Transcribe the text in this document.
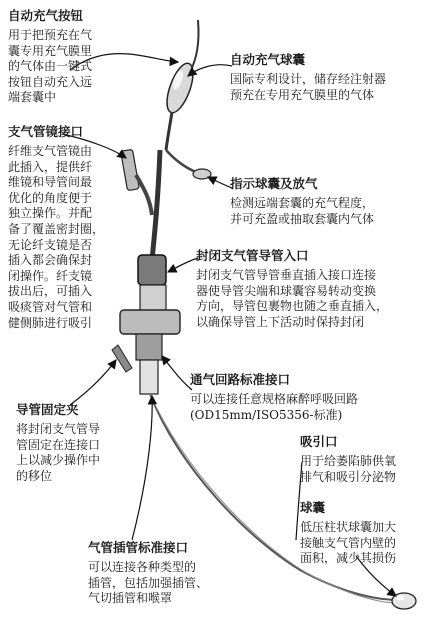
自动充气按钮
用于把预充在气
囊专用充气膜里
的气体由一键式
按钮自动充入远
端套囊中
自动充气球囊
国际专利设计，储存经注射器
预充在专用充气膜里的气体
支气管镜接口
纤维支气管镜由
此插入，提供纤
维镜和导管间最
优化的角度便于
独立操作。并配
备了覆盖密封圈，
无论纤支镜是否
插入都会确保封
闭操作。纤支镜
拔出后，可插入
吸痰管对气管和
健侧肺进行吸引
指示球囊及放气
检测远端套囊的充气程度，
并可充盈或抽取套囊内气体
封闭支气管导管入口
封闭支气管导管垂直插入接口连接
器使导管尖端和球囊容易转动变换
方向，导管包裹物也随之垂直插入，
以确保导管上下活动时保持封闭
通气回路标准接口
可以连接任意规格麻醉呼吸回路
(OD15mm/ISO5356-标准)
导管固定夹
将封闭支气管导
管固定在连接口
上以减少操作中
的移位
吸引口
用于给萎陷肺供氧
排气和吸引分泌物
球囊
低压柱状球囊加大
接触支气管内壁的
面积，减少其损伤
气管插管标准接口
可以连接各种类型的
插管，包括加强插管、
气切插管和喉罩
